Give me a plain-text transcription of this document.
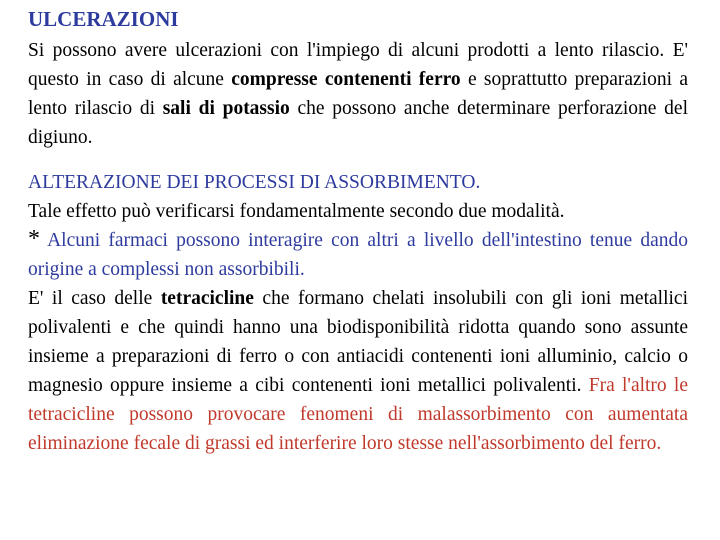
ULCERAZIONI

Si possono avere ulcerazioni con l'impiego di alcuni prodotti a lento rilascio. E' questo in caso di alcune compresse contenenti ferro e soprattutto preparazioni a lento rilascio di sali di potassio che possono anche determinare perforazione del digiuno.

ALTERAZIONE DEI PROCESSI DI ASSORBIMENTO.

Tale effetto può verificarsi fondamentalmente secondo due modalità.

* Alcuni farmaci possono interagire con altri a livello dell'intestino tenue dando origine a complessi non assorbibili.

E' il caso delle tetracicline che formano chelati insolubili con gli ioni metallici polivalenti e che quindi hanno una biodisponibilità ridotta quando sono assunte insieme a preparazioni di ferro o con antiacidi contenenti ioni alluminio, calcio o magnesio oppure insieme a cibi contenenti ioni metallici polivalenti. Fra l'altro le tetracicline possono provocare fenomeni di malassorbimento con aumentata eliminazione fecale di grassi ed interferire loro stesse nell'assorbimento del ferro.
